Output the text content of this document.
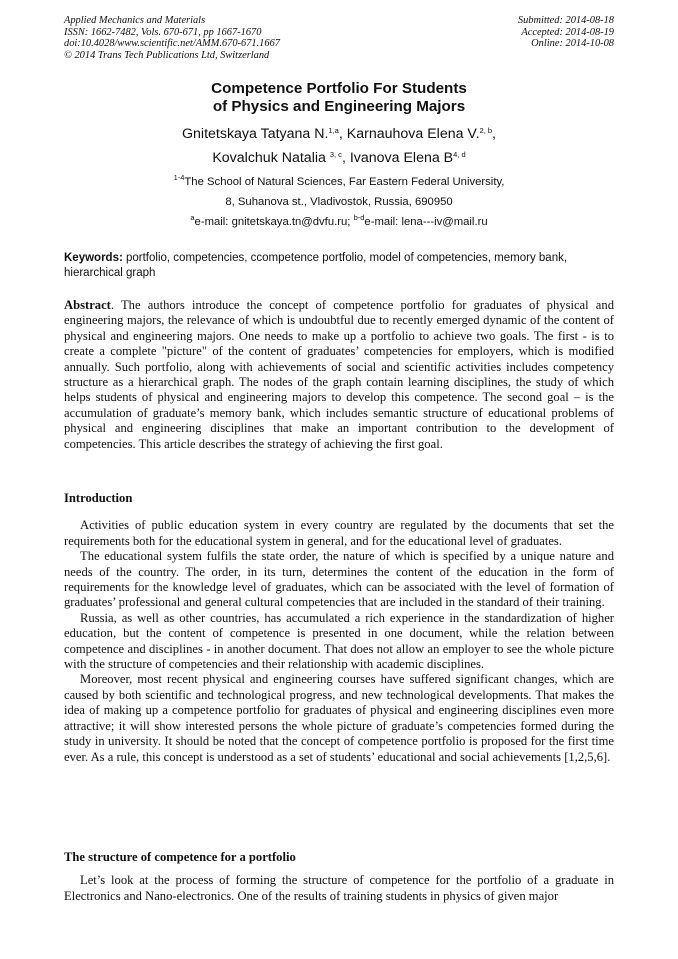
Applied Mechanics and Materials
ISSN: 1662-7482, Vols. 670-671, pp 1667-1670
doi:10.4028/www.scientific.net/AMM.670-671.1667
© 2014 Trans Tech Publications Ltd, Switzerland
Submitted: 2014-08-18
Accepted: 2014-08-19
Online: 2014-10-08
Competence Portfolio For Students
of Physics and Engineering Majors
Gnitetskaya Tatyana N.$^{1,a}$, Karnauhova Elena V.$^{2, b}$,
Kovalchuk Natalia $^{3, c}$, Ivanova Elena B$^{4, d}$
$^{1-4}$The School of Natural Sciences, Far Eastern Federal University,
8, Suhanova st., Vladivostok, Russia, 690950
$^a$e-mail: gnitetskaya.tn@dvfu.ru; $^{b-d}$e-mail: lena---iv@mail.ru
Keywords: portfolio, competencies, ccompetence portfolio, model of competencies, memory bank, hierarchical graph

Abstract. The authors introduce the concept of competence portfolio for graduates of physical and engineering majors, the relevance of which is undoubtful due to recently emerged dynamic of the content of physical and engineering majors. One needs to make up a portfolio to achieve two goals. The first - is to create a complete "picture" of the content of graduates’ competencies for employers, which is modified annually. Such portfolio, along with achievements of social and scientific activities includes competency structure as a hierarchical graph. The nodes of the graph contain learning disciplines, the study of which helps students of physical and engineering majors to develop this competence. The second goal – is the accumulation of graduate’s memory bank, which includes semantic structure of educational problems of physical and engineering disciplines that make an important contribution to the development of competencies. This article describes the strategy of achieving the first goal.

Introduction

Activities of public education system in every country are regulated by the documents that set the requirements both for the educational system in general, and for the educational level of graduates.

The educational system fulfils the state order, the nature of which is specified by a unique nature and needs of the country. The order, in its turn, determines the content of the education in the form of requirements for the knowledge level of graduates, which can be associated with the level of formation of graduates’ professional and general cultural competencies that are included in the standard of their training.

Russia, as well as other countries, has accumulated a rich experience in the standardization of higher education, but the content of competence is presented in one document, while the relation between competence and disciplines - in another document. That does not allow an employer to see the whole picture with the structure of competencies and their relationship with academic disciplines.

Moreover, most recent physical and engineering courses have suffered significant changes, which are caused by both scientific and technological progress, and new technological developments. That makes the idea of making up a competence portfolio for graduates of physical and engineering disciplines even more attractive; it will show interested persons the whole picture of graduate’s competencies formed during the study in university. It should be noted that the concept of competence portfolio is proposed for the first time ever. As a rule, this concept is understood as a set of students’ educational and social achievements [1,2,5,6].

The structure of competence for a portfolio

Let’s look at the process of forming the structure of competence for the portfolio of a graduate in Electronics and Nano-electronics. One of the results of training students in physics of given major
